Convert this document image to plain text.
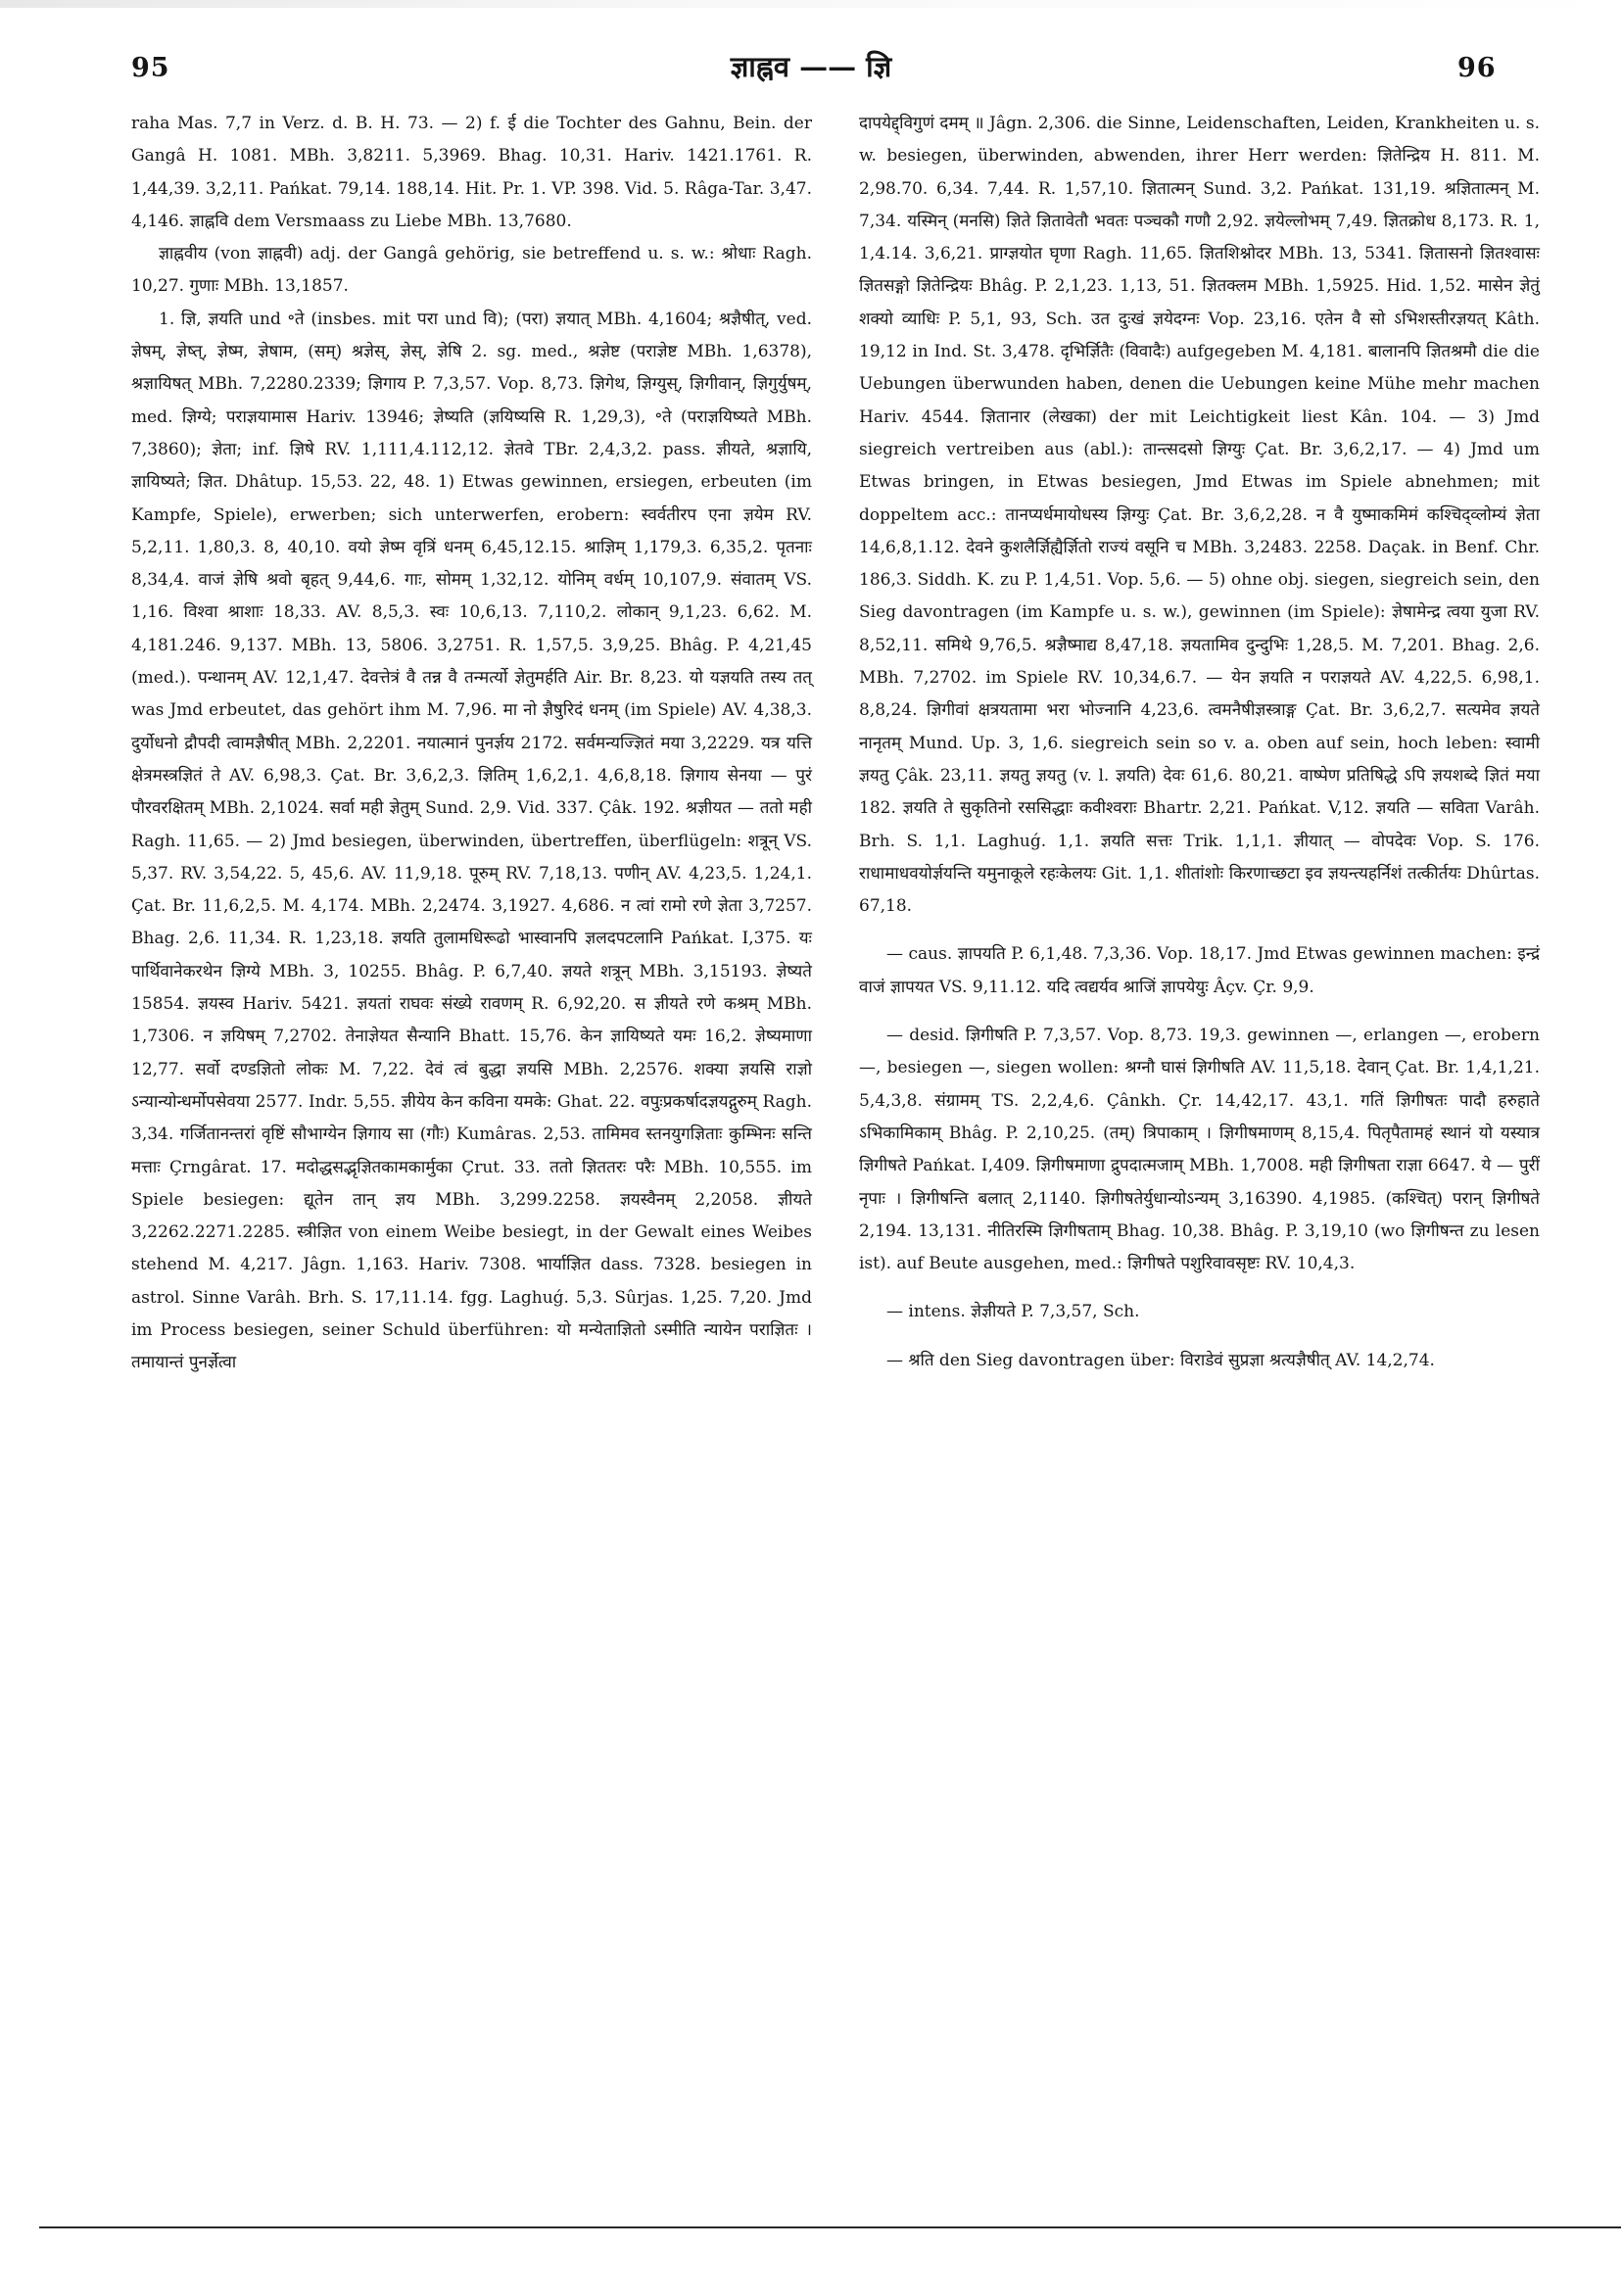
95	ज्ञाह्नव —— ज्ञि	96

raha Mas. 7,7 in Verz. d. B. H. 73. — 2) f. ई die Tochter des Gahnu, Bein. der Gangâ H. 1081. MBh. 3,8211. 5,3969. Bhag. 10,31. Hariv. 1421.1761. R. 1,44,39. 3,2,11. Pańkat. 79,14. 188,14. Hit. Pr. 1. VP. 398. Vid. 5. Râga-Tar. 3,47. 4,146. ज्ञाह्नवि dem Versmaass zu Liebe MBh. 13,7680.

ज्ञाह्नवीय (von ज्ञाह्नवी) adj. der Gangâ gehörig, sie betreffend u. s. w.: श्रोधाः Ragh. 10,27. गुणाः MBh. 13,1857.

1. ज्ञि, ज्ञयति und ॰ते (insbes. mit परा und वि); (परा) ज्ञयात् MBh. 4,1604; श्रज्ञैषीत्, ved. ज्ञेषम्, ज्ञेष्त्, ज्ञेष्म, ज्ञेषाम, (सम्) श्रज्ञेस्, ज्ञेस्, ज्ञेषि 2. sg. med., श्रज्ञेष्ट (पराज्ञेष्ट MBh. 1,6378), श्रज्ञायिषत् MBh. 7,2280.2339; ज्ञिगाय P. 7,3,57. Vop. 8,73. ज्ञिगेथ, ज्ञिग्युस्, ज्ञिगीवान्, ज्ञिगुर्युषम्, med. ज्ञिग्ये; पराज्ञयामास Hariv. 13946; ज्ञेष्यति (ज्ञयिष्यसि R. 1,29,3), ॰ते (पराज्ञयिष्यते MBh. 7,3860); ज्ञेता; inf. ज्ञिषे RV. 1,111,4.112,12. ज्ञेतवे TBr. 2,4,3,2. pass. ज्ञीयते, श्रज्ञायि, ज्ञायिष्यते; ज्ञित. Dhâtup. 15,53. 22, 48. 1) Etwas gewinnen, ersiegen, erbeuten (im Kampfe, Spiele), erwerben; sich unterwerfen, erobern: स्वर्वतीरप एना ज्ञयेम RV. 5,2,11. 1,80,3. 8, 40,10. वयो ज्ञेष्म वृत्रिं धनम् 6,45,12.15. श्राज्ञिम् 1,179,3. 6,35,2. पृतनाः 8,34,4. वाजं ज्ञेषि श्रवो बृहत् 9,44,6. गाः, सोमम् 1,32,12. योनिम् वर्धम् 10,107,9. संवातम् VS. 1,16. विश्वा श्राशाः 18,33. AV. 8,5,3. स्वः 10,6,13. 7,110,2. लोकान् 9,1,23. 6,62. M. 4,181.246. 9,137. MBh. 13, 5806. 3,2751. R. 1,57,5. 3,9,25. Bhâg. P. 4,21,45 (med.). पन्थानम् AV. 12,1,47. देवत्तेत्रं वै तन्न वै तन्मर्त्यो ज्ञेतुमर्हति Air. Br. 8,23. यो यज्ञयति तस्य तत् was Jmd erbeutet, das gehört ihm M. 7,96. मा नो ज्ञैषुरिदं धनम् (im Spiele) AV. 4,38,3. दुर्योधनो द्रौपदी त्वामज्ञैषीत् MBh. 2,2201. नयात्मानं पुनर्ज्ञय 2172. सर्वमन्यज्ज्ञितं मया 3,2229. यत्र यत्ति क्षेत्रमस्त्रज्ञितं ते AV. 6,98,3. Çat. Br. 3,6,2,3. ज्ञितिम् 1,6,2,1. 4,6,8,18. ज्ञिगाय सेनया — पुरं पौरवरक्षितम् MBh. 2,1024. सर्वा मही ज्ञेतुम् Sund. 2,9. Vid. 337. Çâk. 192. श्रज्ञीयत — ततो मही Ragh. 11,65. — 2) Jmd besiegen, überwinden, übertreffen, überflügeln: शत्रून् VS. 5,37. RV. 3,54,22. 5, 45,6. AV. 11,9,18. पूरुम् RV. 7,18,13. पणीन् AV. 4,23,5. 1,24,1. Çat. Br. 11,6,2,5. M. 4,174. MBh. 2,2474. 3,1927. 4,686. न त्वां रामो रणे ज्ञेता 3,7257. Bhag. 2,6. 11,34. R. 1,23,18. ज्ञयति तुलामधिरूढो भास्वानपि ज्ञलदपटलानि Pańkat. I,375. यः पार्थिवानेकरथेन ज्ञिग्ये MBh. 3, 10255. Bhâg. P. 6,7,40. ज्ञयते शत्रून् MBh. 3,15193. ज्ञेष्यते 15854. ज्ञयस्व Hariv. 5421. ज्ञयतां राघवः संख्ये रावणम् R. 6,92,20. स ज्ञीयते रणे कश्रम् MBh. 1,7306. न ज्ञयिषम् 7,2702. तेनाज्ञेयत सैन्यानि Bhatt. 15,76. केन ज्ञायिष्यते यमः 16,2. ज्ञेष्यमाणा 12,77. सर्वो दण्डज्ञितो लोकः M. 7,22. देवं त्वं बुद्धा ज्ञयसि MBh. 2,2576. शक्या ज्ञयसि राज्ञो ऽन्यान्योन्धर्मोपसेवया 2577. Indr. 5,55. ज्ञीयेय केन कविना यमके: Ghat. 22. वपुःप्रकर्षादज्ञयद्गुरुम् Ragh. 3,34. गर्जितानन्तरां वृष्टिं सौभाग्येन ज्ञिगाय सा (गौः) Kumâras. 2,53. तामिमव स्तनयुगज्ञिताः कुम्भिनः सन्ति मत्ताः Çrngârat. 17. मदोद्धसद्भृज्ञितकामकार्मुका Çrut. 33. ततो ज्ञिततरः परैः MBh. 10,555. im Spiele besiegen: द्यूतेन तान् ज्ञय MBh. 3,299.2258. ज्ञयस्वैनम् 2,2058. ज्ञीयते 3,2262.2271.2285. स्त्रीज्ञित von einem Weibe besiegt, in der Gewalt eines Weibes stehend M. 4,217. Jâgn. 1,163. Hariv. 7308. भार्याज्ञित dass. 7328. besiegen in astrol. Sinne Varâh. Brh. S. 17,11.14. fgg. Laghuǵ. 5,3. Sûrjas. 1,25. 7,20. Jmd im Process besiegen, seiner Schuld überführen: यो मन्येताज्ञितो ऽस्मीति न्यायेन पराज्ञितः । तमायान्तं पुनर्ज्ञेत्वा

दापयेद्द्विगुणं दमम् ॥ Jâgn. 2,306. die Sinne, Leidenschaften, Leiden, Krankheiten u. s. w. besiegen, überwinden, abwenden, ihrer Herr werden: ज्ञितेन्द्रिय H. 811. M. 2,98.70. 6,34. 7,44. R. 1,57,10. ज्ञितात्मन् Sund. 3,2. Pańkat. 131,19. श्रज्ञितात्मन् M. 7,34. यस्मिन् (मनसि) ज्ञिते ज्ञितावेतौ भवतः पञ्चकौ गणौ 2,92. ज्ञयेल्लोभम् 7,49. ज्ञितक्रोध 8,173. R. 1, 1,4.14. 3,6,21. प्राग्ज्ञयोत घृणा Ragh. 11,65. ज्ञितशिश्नोदर MBh. 13, 5341. ज्ञितासनो ज्ञितश्वासः ज्ञितसङ्गो ज्ञितेन्द्रियः Bhâg. P. 2,1,23. 1,13, 51. ज्ञितक्लम MBh. 1,5925. Hid. 1,52. मासेन ज्ञेतुं शक्यो व्याधिः P. 5,1, 93, Sch. उत दुःखं ज्ञयेदग्नः Vop. 23,16. एतेन वै सो ऽभिशस्तीरज्ञयत् Kâth. 19,12 in Ind. St. 3,478. दृभिर्ज्ञितैः (विवादैः) aufgegeben M. 4,181. बालानपि ज्ञितश्रमौ die die Uebungen überwunden haben, denen die Uebungen keine Mühe mehr machen Hariv. 4544. ज्ञितानार (लेखका) der mit Leichtigkeit liest Kân. 104. — 3) Jmd siegreich vertreiben aus (abl.): तान्त्सदसो ज्ञिग्युः Çat. Br. 3,6,2,17. — 4) Jmd um Etwas bringen, in Etwas besiegen, Jmd Etwas im Spiele abnehmen; mit doppeltem acc.: तानप्यर्धमायोधस्य ज्ञिग्युः Çat. Br. 3,6,2,28. न वै युष्माकमिमं कश्चिद्व्लोम्यं ज्ञेता 14,6,8,1.12. देवने कुशलैर्ज्ञिह्यैर्ज्ञितो राज्यं वसूनि च MBh. 3,2483. 2258. Daçak. in Benf. Chr. 186,3. Siddh. K. zu P. 1,4,51. Vop. 5,6. — 5) ohne obj. siegen, siegreich sein, den Sieg davontragen (im Kampfe u. s. w.), gewinnen (im Spiele): ज्ञेषामेन्द्र त्वया युजा RV. 8,52,11. समिथे 9,76,5. श्रज्ञैष्माद्य 8,47,18. ज्ञयतामिव दुन्दुभिः 1,28,5. M. 7,201. Bhag. 2,6. MBh. 7,2702. im Spiele RV. 10,34,6.7. — येन ज्ञयति न पराज्ञयते AV. 4,22,5. 6,98,1. 8,8,24. ज्ञिगीवां क्षत्रयतामा भरा भोज्नानि 4,23,6. त्वमनैषीज्ञस्त्राङ्ग Çat. Br. 3,6,2,7. सत्यमेव ज्ञयते नानृतम् Mund. Up. 3, 1,6. siegreich sein so v. a. oben auf sein, hoch leben: स्वामी ज्ञयतु Çâk. 23,11. ज्ञयतु ज्ञयतु (v. l. ज्ञयति) देवः 61,6. 80,21. वाष्पेण प्रतिषिद्धे ऽपि ज्ञयशब्दे ज्ञितं मया 182. ज्ञयति ते सुकृतिनो रससिद्धाः कवीश्वराः Bhartr. 2,21. Pańkat. V,12. ज्ञयति — सविता Varâh. Brh. S. 1,1. Laghuǵ. 1,1. ज्ञयति सत्तः Trik. 1,1,1. ज्ञीयात् — वोपदेवः Vop. S. 176. राधामाधवयोर्ज्ञयन्ति यमुनाकूले रहःकेलयः Git. 1,1. शीतांशोः किरणाच्छटा इव ज्ञयन्त्यहर्निशं तत्कीर्तयः Dhûrtas. 67,18.

— caus. ज्ञापयति P. 6,1,48. 7,3,36. Vop. 18,17. Jmd Etwas gewinnen machen: इन्द्रं वाजं ज्ञापयत VS. 9,11.12. यदि त्वद्यर्यव श्राजिं ज्ञापयेयुः Âçv. Çr. 9,9.

— desid. ज्ञिगीषति P. 7,3,57. Vop. 8,73. 19,3. gewinnen —, erlangen —, erobern —, besiegen —, siegen wollen: श्रग्नौ घासं ज्ञिगीषति AV. 11,5,18. देवान् Çat. Br. 1,4,1,21. 5,4,3,8. संग्रामम् TS. 2,2,4,6. Çânkh. Çr. 14,42,17. 43,1. गतिं ज्ञिगीषतः पादौ हरुहाते ऽभिकामिकाम् Bhâg. P. 2,10,25. (तम्) त्रिपाकाम् । ज्ञिगीषमाणम् 8,15,4. पितृपैतामहं स्थानं यो यस्यात्र ज्ञिगीषते Pańkat. I,409. ज्ञिगीषमाणा द्रुपदात्मजाम् MBh. 1,7008. मही ज्ञिगीषता राज्ञा 6647. ये — पुरीं नृपाः । ज्ञिगीषन्ति बलात् 2,1140. ज्ञिगीषतेर्युधान्योऽन्यम् 3,16390. 4,1985. (कश्चित्) परान् ज्ञिगीषते 2,194. 13,131. नीतिरस्मि ज्ञिगीषताम् Bhag. 10,38. Bhâg. P. 3,19,10 (wo ज्ञिगीषन्त zu lesen ist). auf Beute ausgehen, med.: ज्ञिगीषते पशुरिवावसृष्टः RV. 10,4,3.

— intens. ज्ञेज्ञीयते P. 7,3,57, Sch.

— श्रति den Sieg davontragen über: विराडेवं सुप्रज्ञा श्रत्यज्ञैषीत् AV. 14,2,74.
